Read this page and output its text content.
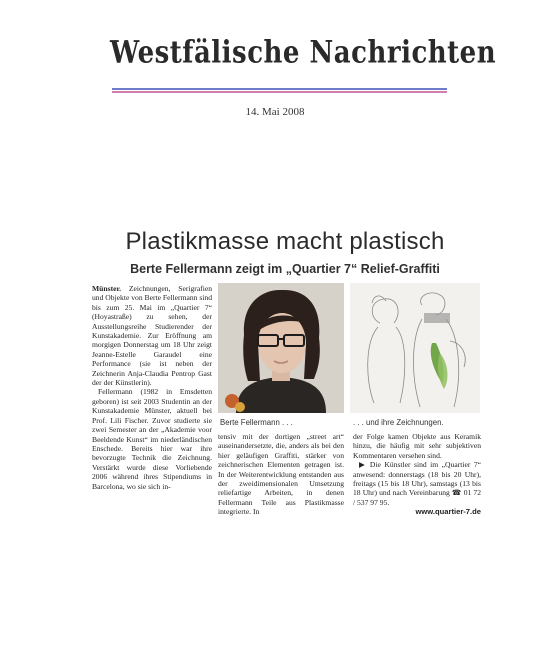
Westfälische Nachrichten
14. Mai 2008
Plastikmasse macht plastisch
Berte Fellermann zeigt im „Quartier 7“ Relief-Graffiti

Münster. Zeichnungen, Serigrafien und Objekte von Berte Fellermann sind bis zum 25. Mai im „Quartier 7“ (Hoyastraße) zu sehen, der Ausstellungsreihe Studierender der Kunstakademie. Zur Eröffnung am morgigen Donnerstag um 18 Uhr zeigt Jeanne-Estelle Garaudel eine Performance (sie ist neben der Zeichnerin Anja-Claudia Pentrop Gast der der Künstlerin).

Fellermann (1982 in Emsdetten geboren) ist seit 2003 Studentin an der Kunstakademie Münster, aktuell bei Prof. Lili Fischer. Zuvor studierte sie zwei Semester an der „Akademie voor Beeldende Kunst“ im niederländischen Enschede. Bereits hier war ihre bevorzugte Technik die Zeichnung. Verstärkt wurde diese Vorliebende 2006 während ihres Stipendiums in Barcelona, wo sie sich in-

Berte Fellermann . . .	. . . und ihre Zeichnungen.

tensiv mit der dortigen „street art“ auseinandersetzte, die, anders als bei den hier geläufigen Graffiti, stärker von zeichnerischen Elementen getragen ist. In der Weiterentwicklung entstanden aus der zweidimensionalen Umsetzung reliefartige Arbeiten, in denen Fellermann Teile aus Plastikmasse integrierte. In

der Folge kamen Objekte aus Keramik hinzu, die häufig mit sehr subjektiven Kommentaren versehen sind.

▶ Die Künstler sind im „Quartier 7“ anwesend: donnerstags (18 bis 20 Uhr), freitags (15 bis 18 Uhr), samstags (13 bis 18 Uhr) und nach Vereinbarung ☎ 01 72 / 537 97 95.

www.quartier-7.de
